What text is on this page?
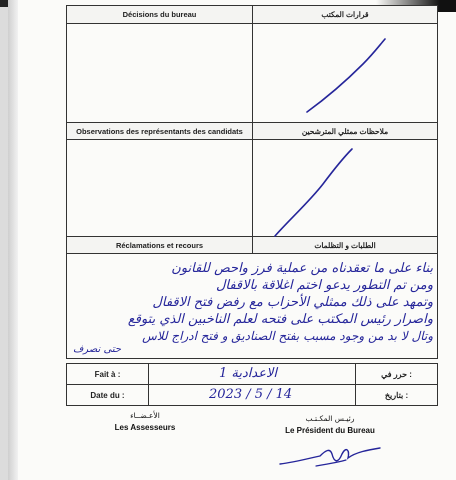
Décisions du bureau	قرارات المكتب
Observations des représentants des candidats	ملاحظات ممثلي المترشحين
Réclamations et recours	الطلبات و التظلمات
بناء على ما تعقدناه من عملية فرز واحص للقانون
ومن تم التطور يدعو اختم اغلاقة بالاقفال
وتمهد على ذلك ممثلي الأحزاب مع رفض فتح الاقفال
واصرار رئيس المكتب على فتحه لعلم الناخبين الذي يتوقع
وتال لا بد من وجود مسبب بفتح الصناديق و فتح ادراج للاس
حتى نصرف
Fait à :	الاعدادية 1	حرر في :
Date du :	2023 / 5 / 14	بتاريخ :
الأعـضــاء
Les Assesseurs
رئيـس المكـتـب
Le Président du Bureau
